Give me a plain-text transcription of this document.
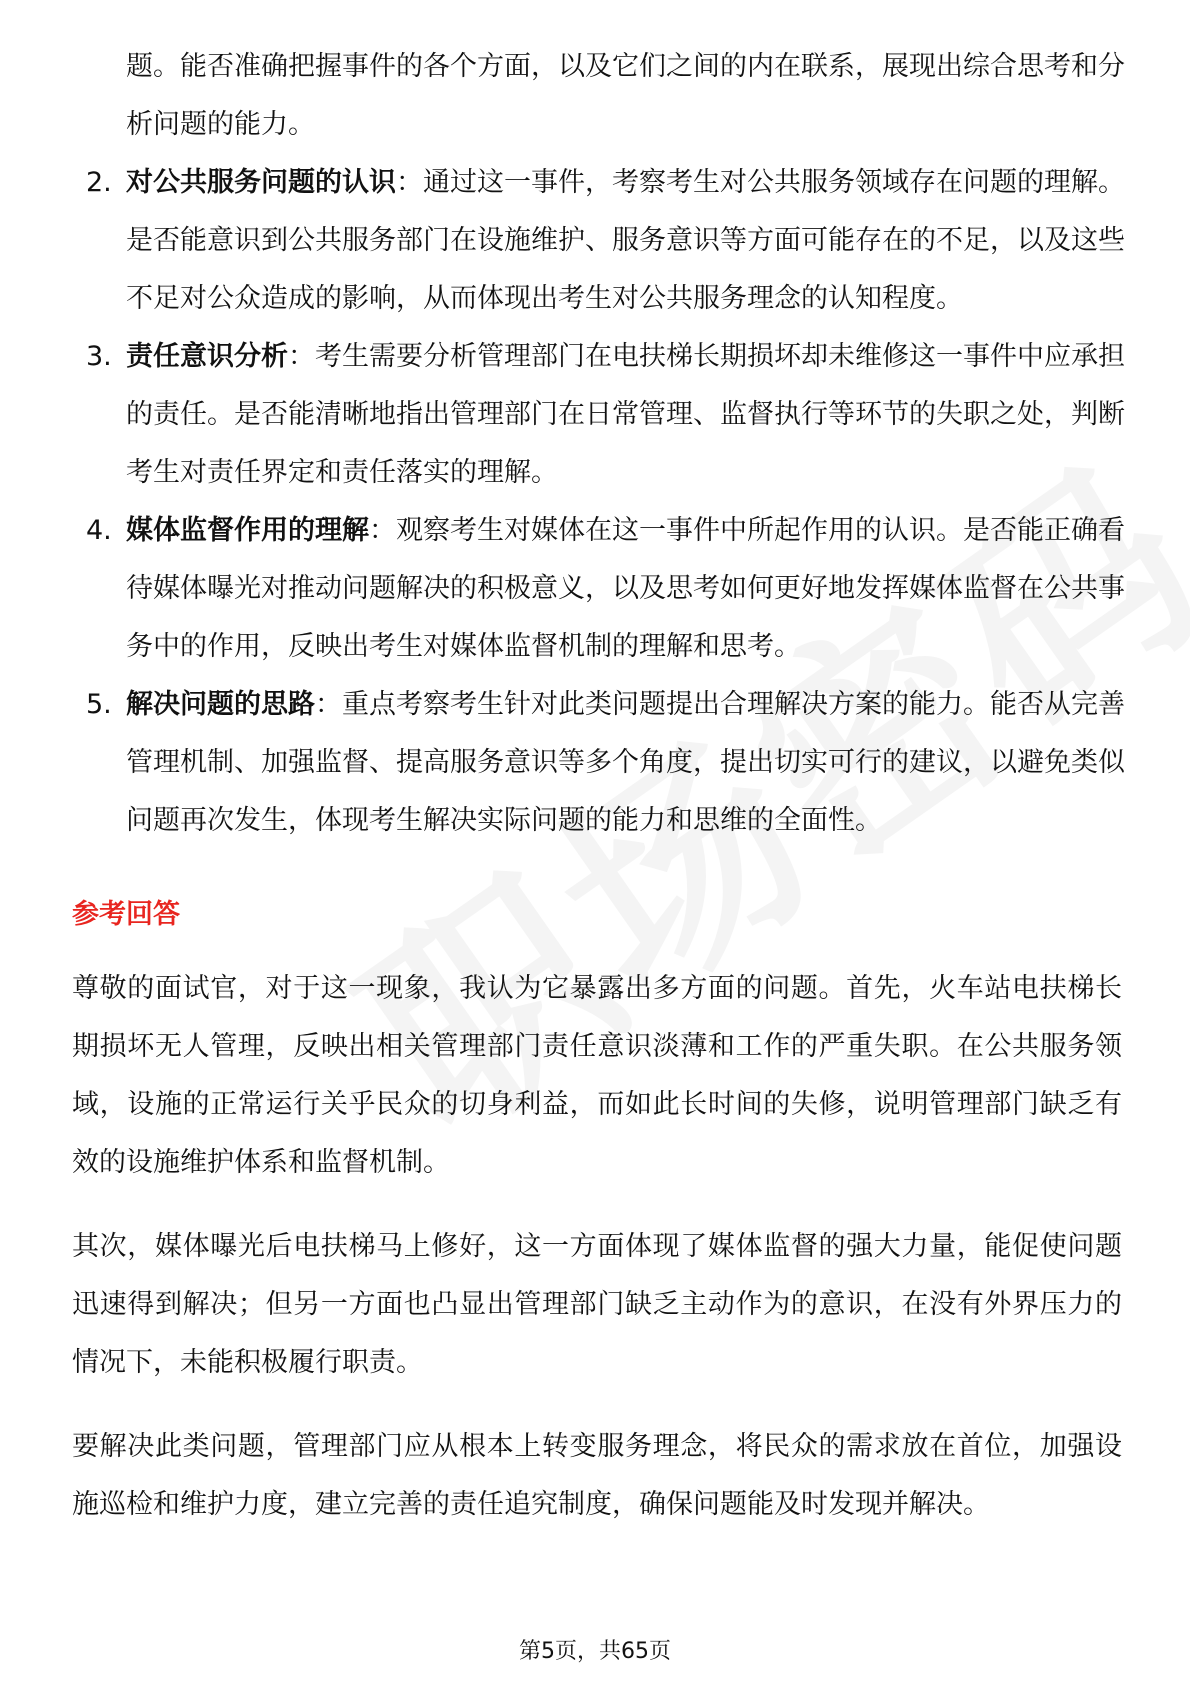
题。能否准确把握事件的各个方面，以及它们之间的内在联系，展现出综合思考和分析问题的能力。

2. 对公共服务问题的认识：通过这一事件，考察考生对公共服务领域存在问题的理解。是否能意识到公共服务部门在设施维护、服务意识等方面可能存在的不足，以及这些不足对公众造成的影响，从而体现出考生对公共服务理念的认知程度。
3. 责任意识分析：考生需要分析管理部门在电扶梯长期损坏却未维修这一事件中应承担的责任。是否能清晰地指出管理部门在日常管理、监督执行等环节的失职之处，判断考生对责任界定和责任落实的理解。
4. 媒体监督作用的理解：观察考生对媒体在这一事件中所起作用的认识。是否能正确看待媒体曝光对推动问题解决的积极意义，以及思考如何更好地发挥媒体监督在公共事务中的作用，反映出考生对媒体监督机制的理解和思考。
5. 解决问题的思路：重点考察考生针对此类问题提出合理解决方案的能力。能否从完善管理机制、加强监督、提高服务意识等多个角度，提出切实可行的建议，以避免类似问题再次发生，体现考生解决实际问题的能力和思维的全面性。
参考回答

尊敬的面试官，对于这一现象，我认为它暴露出多方面的问题。首先，火车站电扶梯长期损坏无人管理，反映出相关管理部门责任意识淡薄和工作的严重失职。在公共服务领域，设施的正常运行关乎民众的切身利益，而如此长时间的失修，说明管理部门缺乏有效的设施维护体系和监督机制。

其次，媒体曝光后电扶梯马上修好，这一方面体现了媒体监督的强大力量，能促使问题迅速得到解决；但另一方面也凸显出管理部门缺乏主动作为的意识，在没有外界压力的情况下，未能积极履行职责。

要解决此类问题，管理部门应从根本上转变服务理念，将民众的需求放在首位，加强设施巡检和维护力度，建立完善的责任追究制度，确保问题能及时发现并解决。

第5页，共65页
